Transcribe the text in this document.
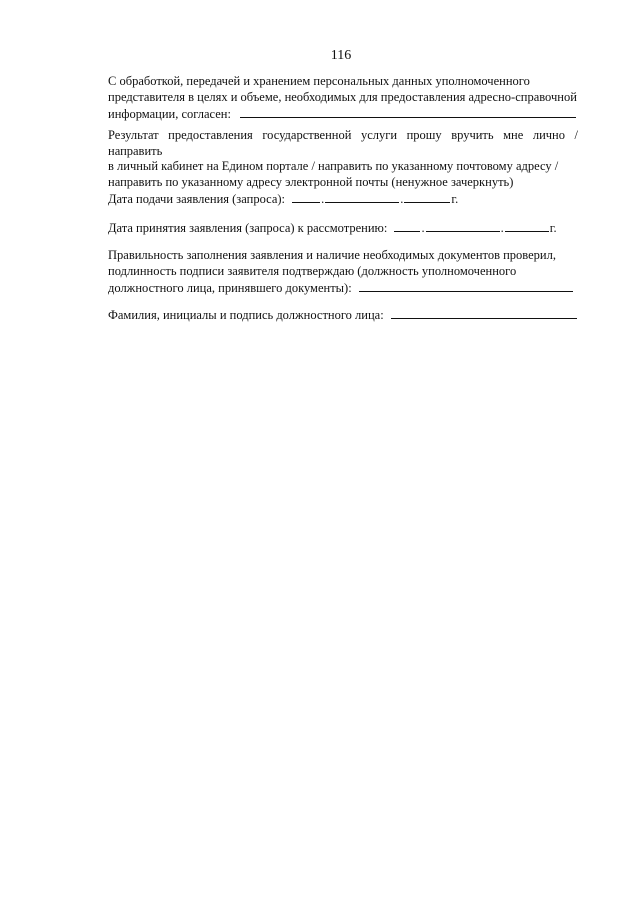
116
С обработкой, передачей и хранением персональных данных уполномоченного
представителя в целях и объеме, необходимых для предоставления адресно-справочной
информации, согласен:
Результат предоставления государственной услуги прошу вручить мне лично / направить
в личный кабинет на Едином портале / направить по указанному почтовому адресу /
направить по указанному адресу электронной почты (ненужное зачеркнуть)
Дата подачи заявления (запроса):	.	.	г.
Дата принятия заявления (запроса) к рассмотрению:	.	.	г.
Правильность заполнения заявления и наличие необходимых документов проверил,
подлинность подписи заявителя подтверждаю (должность уполномоченного
должностного лица, принявшего документы):
Фамилия, инициалы и подпись должностного лица:
